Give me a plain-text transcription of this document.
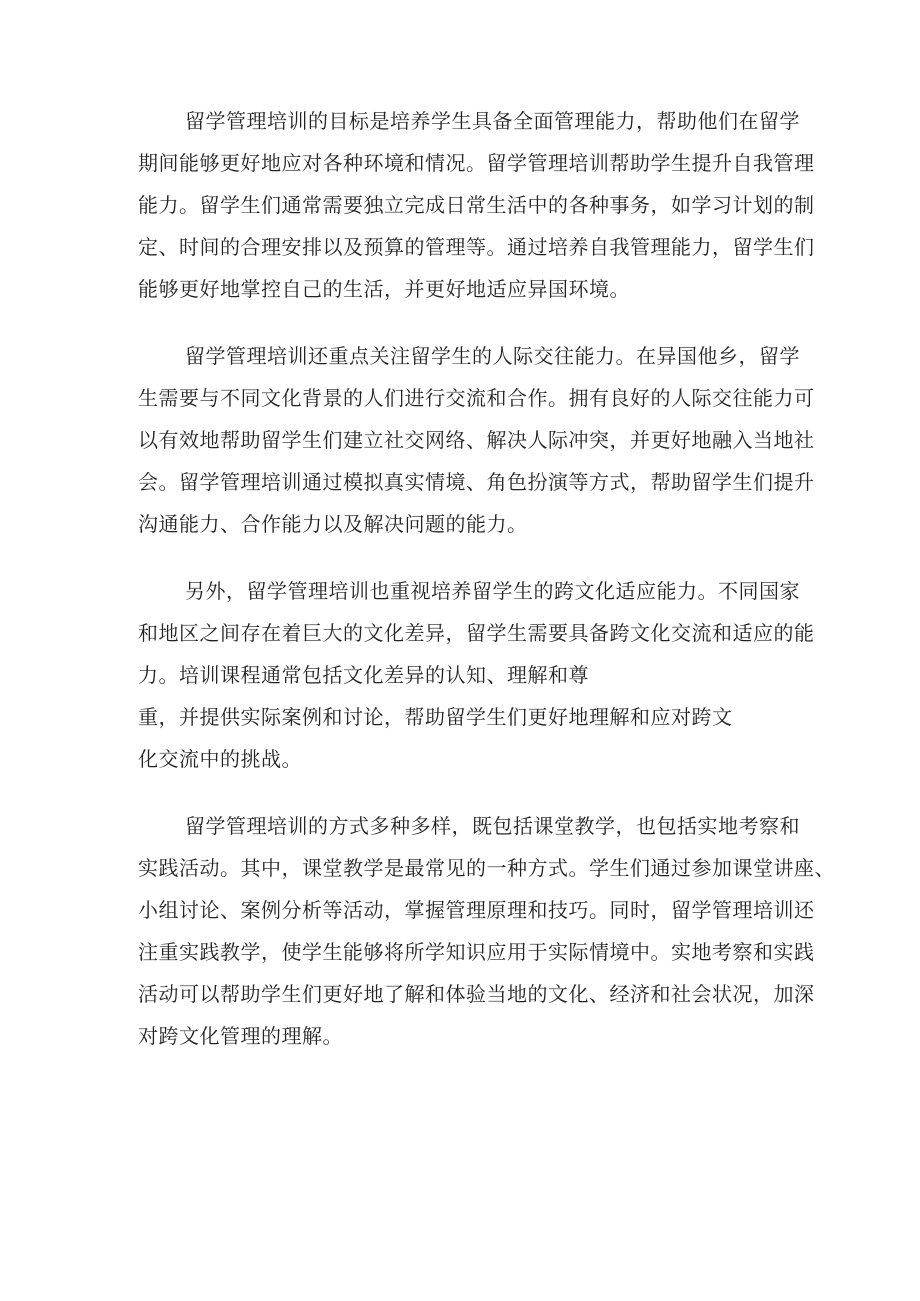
留学管理培训的目标是培养学生具备全面管理能力，帮助他们在留学
期间能够更好地应对各种环境和情况。留学管理培训帮助学生提升自我管理
能力。留学生们通常需要独立完成日常生活中的各种事务，如学习计划的制
定、时间的合理安排以及预算的管理等。通过培养自我管理能力，留学生们
能够更好地掌控自己的生活，并更好地适应异国环境。
留学管理培训还重点关注留学生的人际交往能力。在异国他乡，留学
生需要与不同文化背景的人们进行交流和合作。拥有良好的人际交往能力可
以有效地帮助留学生们建立社交网络、解决人际冲突，并更好地融入当地社
会。留学管理培训通过模拟真实情境、角色扮演等方式，帮助留学生们提升
沟通能力、合作能力以及解决问题的能力。
另外，留学管理培训也重视培养留学生的跨文化适应能力。不同国家
和地区之间存在着巨大的文化差异，留学生需要具备跨文化交流和适应的能
力。培训课程通常包括文化差异的认知、理解和尊
重，并提供实际案例和讨论，帮助留学生们更好地理解和应对跨文
化交流中的挑战。
留学管理培训的方式多种多样，既包括课堂教学，也包括实地考察和
实践活动。其中，课堂教学是最常见的一种方式。学生们通过参加课堂讲座、
小组讨论、案例分析等活动，掌握管理原理和技巧。同时，留学管理培训还
注重实践教学，使学生能够将所学知识应用于实际情境中。实地考察和实践
活动可以帮助学生们更好地了解和体验当地的文化、经济和社会状况，加深
对跨文化管理的理解。
